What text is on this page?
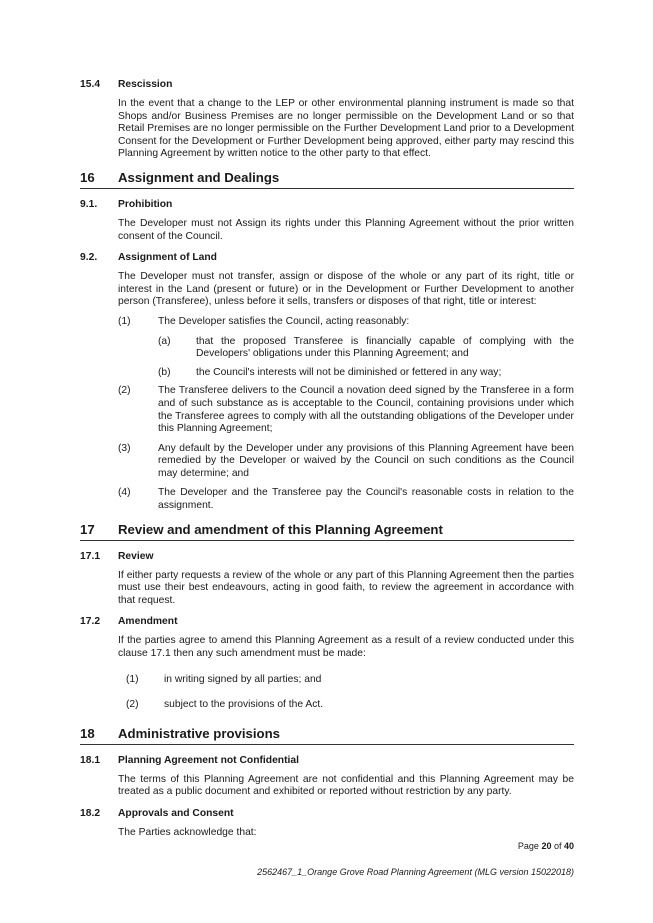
15.4 Rescission

In the event that a change to the LEP or other environmental planning instrument is made so that Shops and/or Business Premises are no longer permissible on the Development Land or so that Retail Premises are no longer permissible on the Further Development Land prior to a Development Consent for the Development or Further Development being approved, either party may rescind this Planning Agreement by written notice to the other party to that effect.

16 Assignment and Dealings
9.1. Prohibition

The Developer must not Assign its rights under this Planning Agreement without the prior written consent of the Council.

9.2. Assignment of Land

The Developer must not transfer, assign or dispose of the whole or any part of its right, title or interest in the Land (present or future) or in the Development or Further Development to another person (Transferee), unless before it sells, transfers or disposes of that right, title or interest:

(1)	The Developer satisfies the Council, acting reasonably:

(a) that the proposed Transferee is financially capable of complying with the Developers' obligations under this Planning Agreement; and

(b) the Council's interests will not be diminished or fettered in any way;

(2)	The Transferee delivers to the Council a novation deed signed by the Transferee in a form and of such substance as is acceptable to the Council, containing provisions under which the Transferee agrees to comply with all the outstanding obligations of the Developer under this Planning Agreement;

(3)	Any default by the Developer under any provisions of this Planning Agreement have been remedied by the Developer or waived by the Council on such conditions as the Council may determine; and

(4)	The Developer and the Transferee pay the Council's reasonable costs in relation to the assignment.

17 Review and amendment of this Planning Agreement
17.1 Review

If either party requests a review of the whole or any part of this Planning Agreement then the parties must use their best endeavours, acting in good faith, to review the agreement in accordance with that request.

17.2 Amendment

If the parties agree to amend this Planning Agreement as a result of a review conducted under this clause 17.1 then any such amendment must be made:

(1) in writing signed by all parties; and

(2) subject to the provisions of the Act.

18 Administrative provisions
18.1 Planning Agreement not Confidential

The terms of this Planning Agreement are not confidential and this Planning Agreement may be treated as a public document and exhibited or reported without restriction by any party.

18.2 Approvals and Consent

The Parties acknowledge that:

Page 20 of 40
2562467_1_Orange Grove Road Planning Agreement (MLG version 15022018)
